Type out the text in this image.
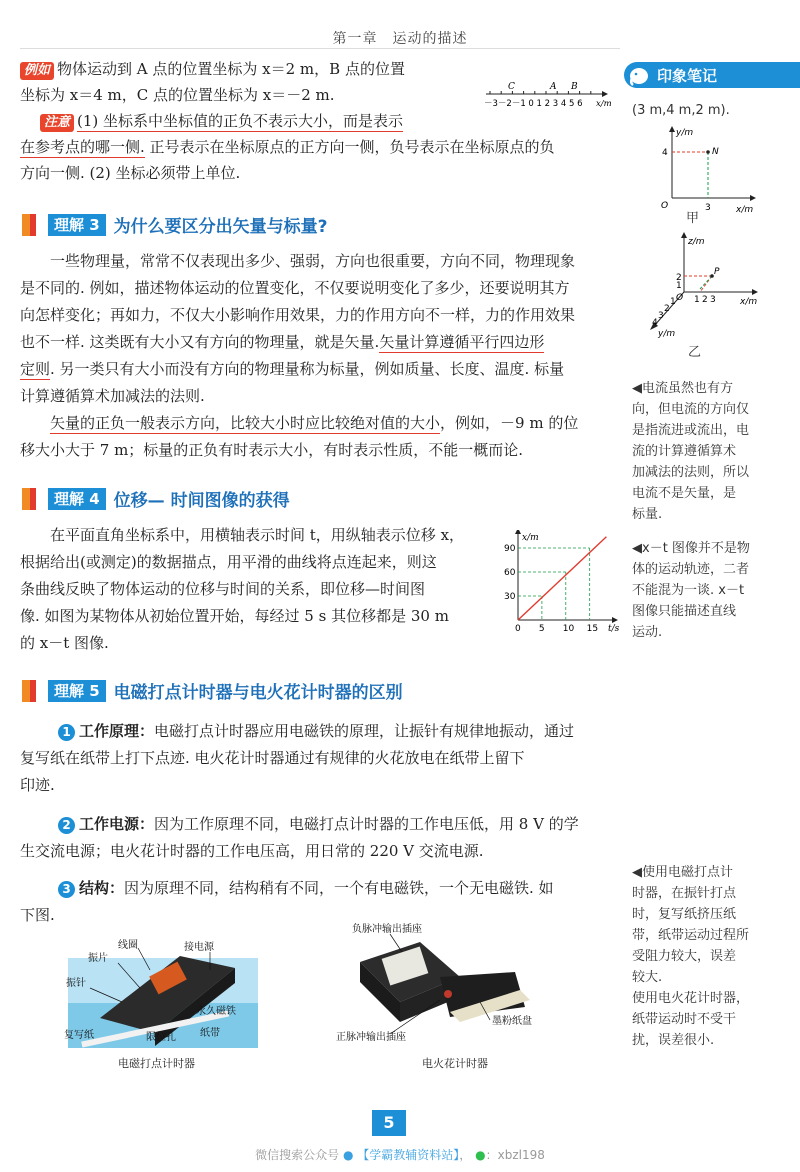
第一章　运动的描述
例如 物体运动到 A 点的位置坐标为 x＝2 m，B 点的位置
坐标为 x＝4 m，C 点的位置坐标为 x＝－2 m.	C	A B
－3－2－1 0 1 2 3 4 5 6 x/m
注意 (1) 坐标系中坐标值的正负不表示大小，而是表示
在参考点的哪一侧. 正号表示在坐标原点的正方向一侧，负号表示在坐标原点的负
方向一侧. (2) 坐标必须带上单位.
理解 3 为什么要区分出矢量与标量?
一些物理量，常常不仅表现出多少、强弱，方向也很重要，方向不同，物理现象
是不同的. 例如，描述物体运动的位置变化，不仅要说明变化了多少，还要说明其方
向怎样变化；再如力，不仅大小影响作用效果，力的作用方向不一样，力的作用效果
也不一样. 这类既有大小又有方向的物理量，就是矢量.矢量计算遵循平行四边形
定则. 另一类只有大小而没有方向的物理量称为标量，例如质量、长度、温度. 标量
计算遵循算术加减法的法则.
矢量的正负一般表示方向，比较大小时应比较绝对值的大小，例如，－9 m 的位
移大小大于 7 m；标量的正负有时表示大小，有时表示性质，不能一概而论.
理解 4 位移— 时间图像的获得
在平面直角坐标系中，用横轴表示时间 t，用纵轴表示位移 x，
根据给出(或测定)的数据描点，用平滑的曲线将点连起来，则这
条曲线反映了物体运动的位移与时间的关系，即位移—时间图
像. 如图为某物体从初始位置开始，每经过 5 s 其位移都是 30 m
的 x－t 图像.
0 5 10 15
30
60
90
x/m
t/s
理解 5 电磁打点计时器与电火花计时器的区别
1 工作原理：电磁打点计时器应用电磁铁的原理，让振针有规律地振动，通过
复写纸在纸带上打下点迹. 电火花计时器通过有规律的火花放电在纸带上留下
印迹.
2 工作电源：因为工作原理不同，电磁打点计时器的工作电压低，用 8 V 的学
生交流电源；电火花计时器的工作电压高，用日常的 220 V 交流电源.
3 结构：因为原理不同，结构稍有不同，一个有电磁铁，一个无电磁铁. 如
下图.
线圈	接电源
振片
振针
永久磁铁
复写纸	限位孔 纸带
电磁打点计时器
负脉冲输出插座
墨粉纸盘
正脉冲输出插座
电火花计时器
印象笔记
(3 m,4 m,2 m).
y/m
x/m
O
N
4
3
甲
z/m
x/m
y/m
O
P
2
1
1 2 3
1
2
3
4
乙
◀电流虽然也有方
向，但电流的方向仅
是指流进或流出，电
流的计算遵循算术
加减法的法则，所以
电流不是矢量，是
标量.
◀x－t 图像并不是物
体的运动轨迹，二者
不能混为一谈. x－t
图像只能描述直线
运动.
◀使用电磁打点计
时器，在振针打点
时，复写纸挤压纸
带，纸带运动过程所
受阻力较大，误差
较大.
使用电火花计时器，
纸带运动时不受干
扰，误差很小.
5
微信搜索公众号 ● 【学霸教辅资料站】， ●：xbzl198
